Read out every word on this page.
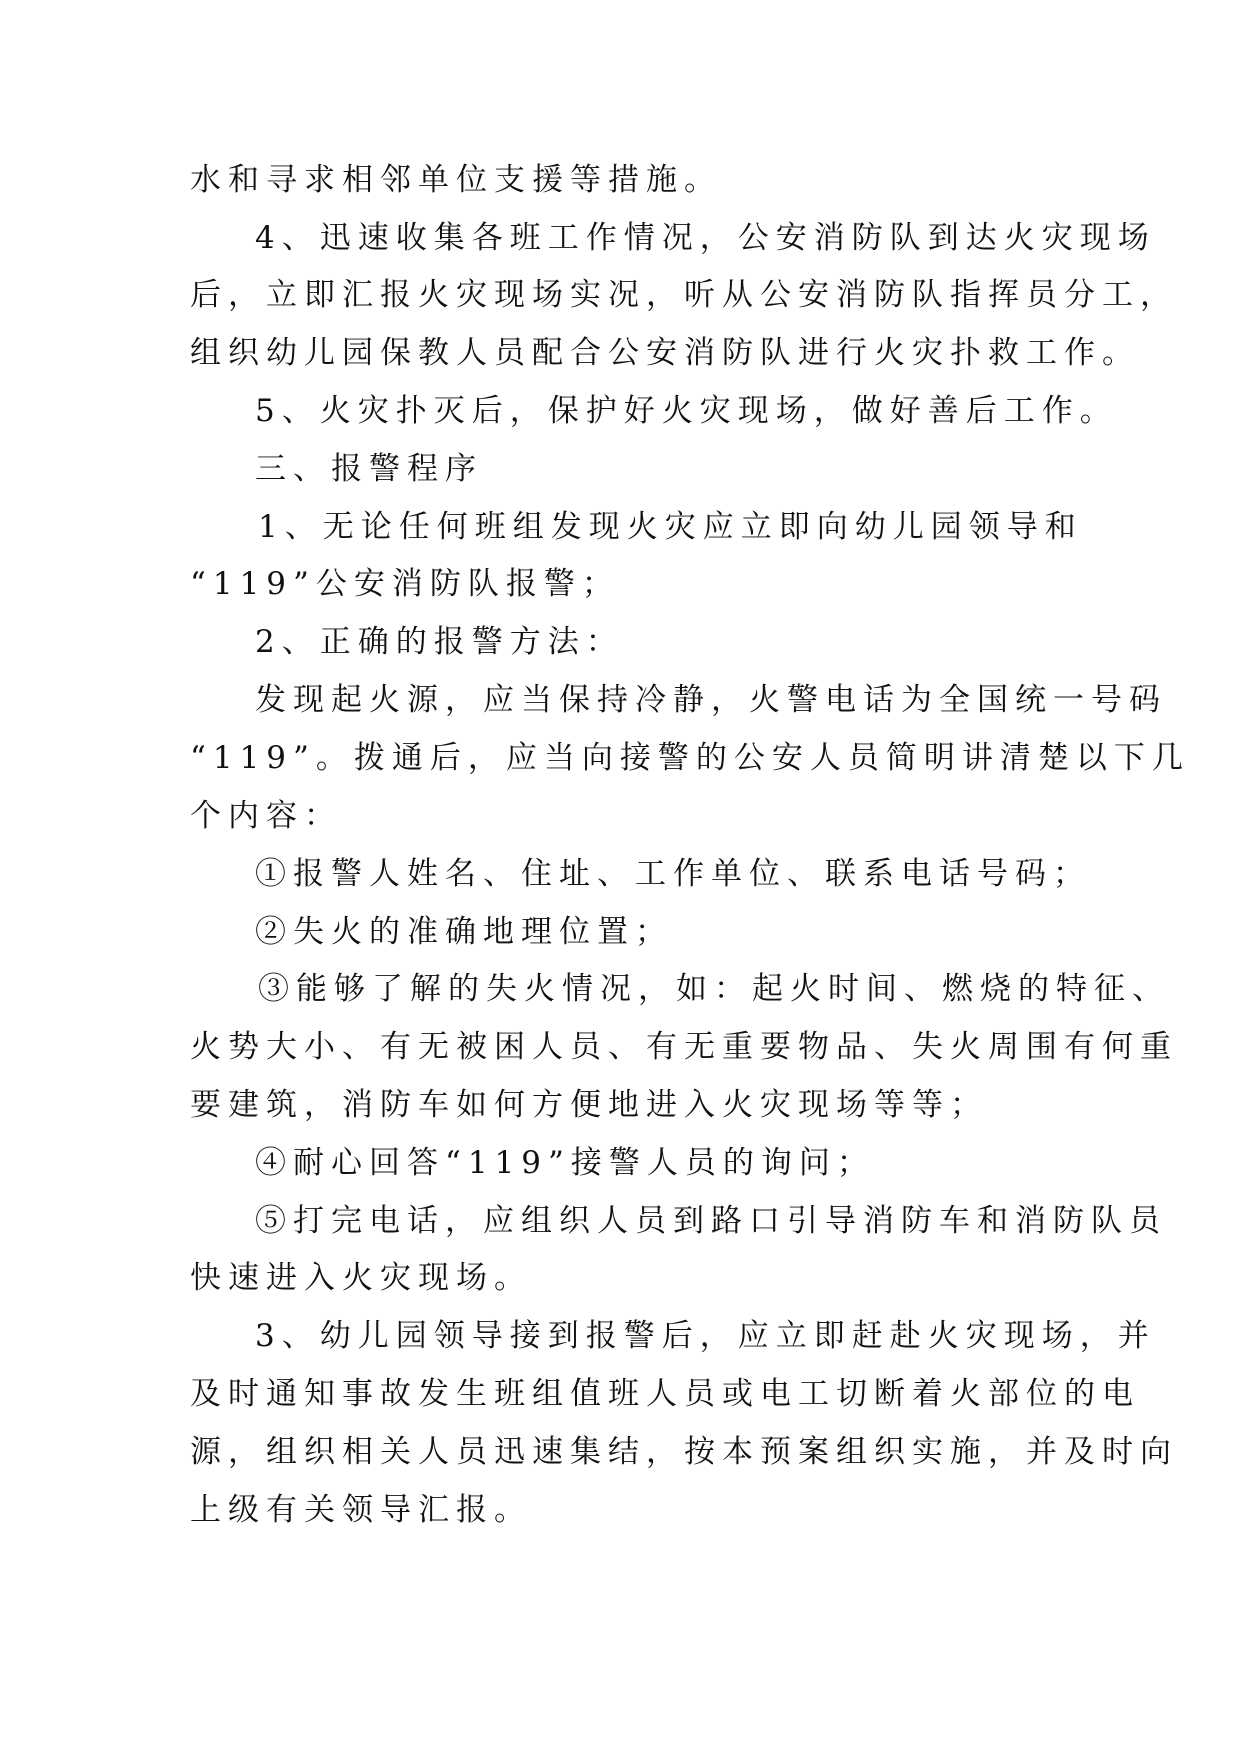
水和寻求相邻单位支援等措施。
4、迅速收集各班工作情况，公安消防队到达火灾现场
后，立即汇报火灾现场实况，听从公安消防队指挥员分工，
组织幼儿园保教人员配合公安消防队进行火灾扑救工作。
5、火灾扑灭后，保护好火灾现场，做好善后工作。
三、报警程序
1、无论任何班组发现火灾应立即向幼儿园领导和
“119”公安消防队报警；
2、正确的报警方法：
发现起火源，应当保持冷静，火警电话为全国统一号码
“119”。拨通后，应当向接警的公安人员简明讲清楚以下几
个内容：
①报警人姓名、住址、工作单位、联系电话号码；
②失火的准确地理位置；
③能够了解的失火情况，如：起火时间、燃烧的特征、
火势大小、有无被困人员、有无重要物品、失火周围有何重
要建筑，消防车如何方便地进入火灾现场等等；
④耐心回答“119”接警人员的询问；
⑤打完电话，应组织人员到路口引导消防车和消防队员
快速进入火灾现场。
3、幼儿园领导接到报警后，应立即赶赴火灾现场，并
及时通知事故发生班组值班人员或电工切断着火部位的电
源，组织相关人员迅速集结，按本预案组织实施，并及时向
上级有关领导汇报。
